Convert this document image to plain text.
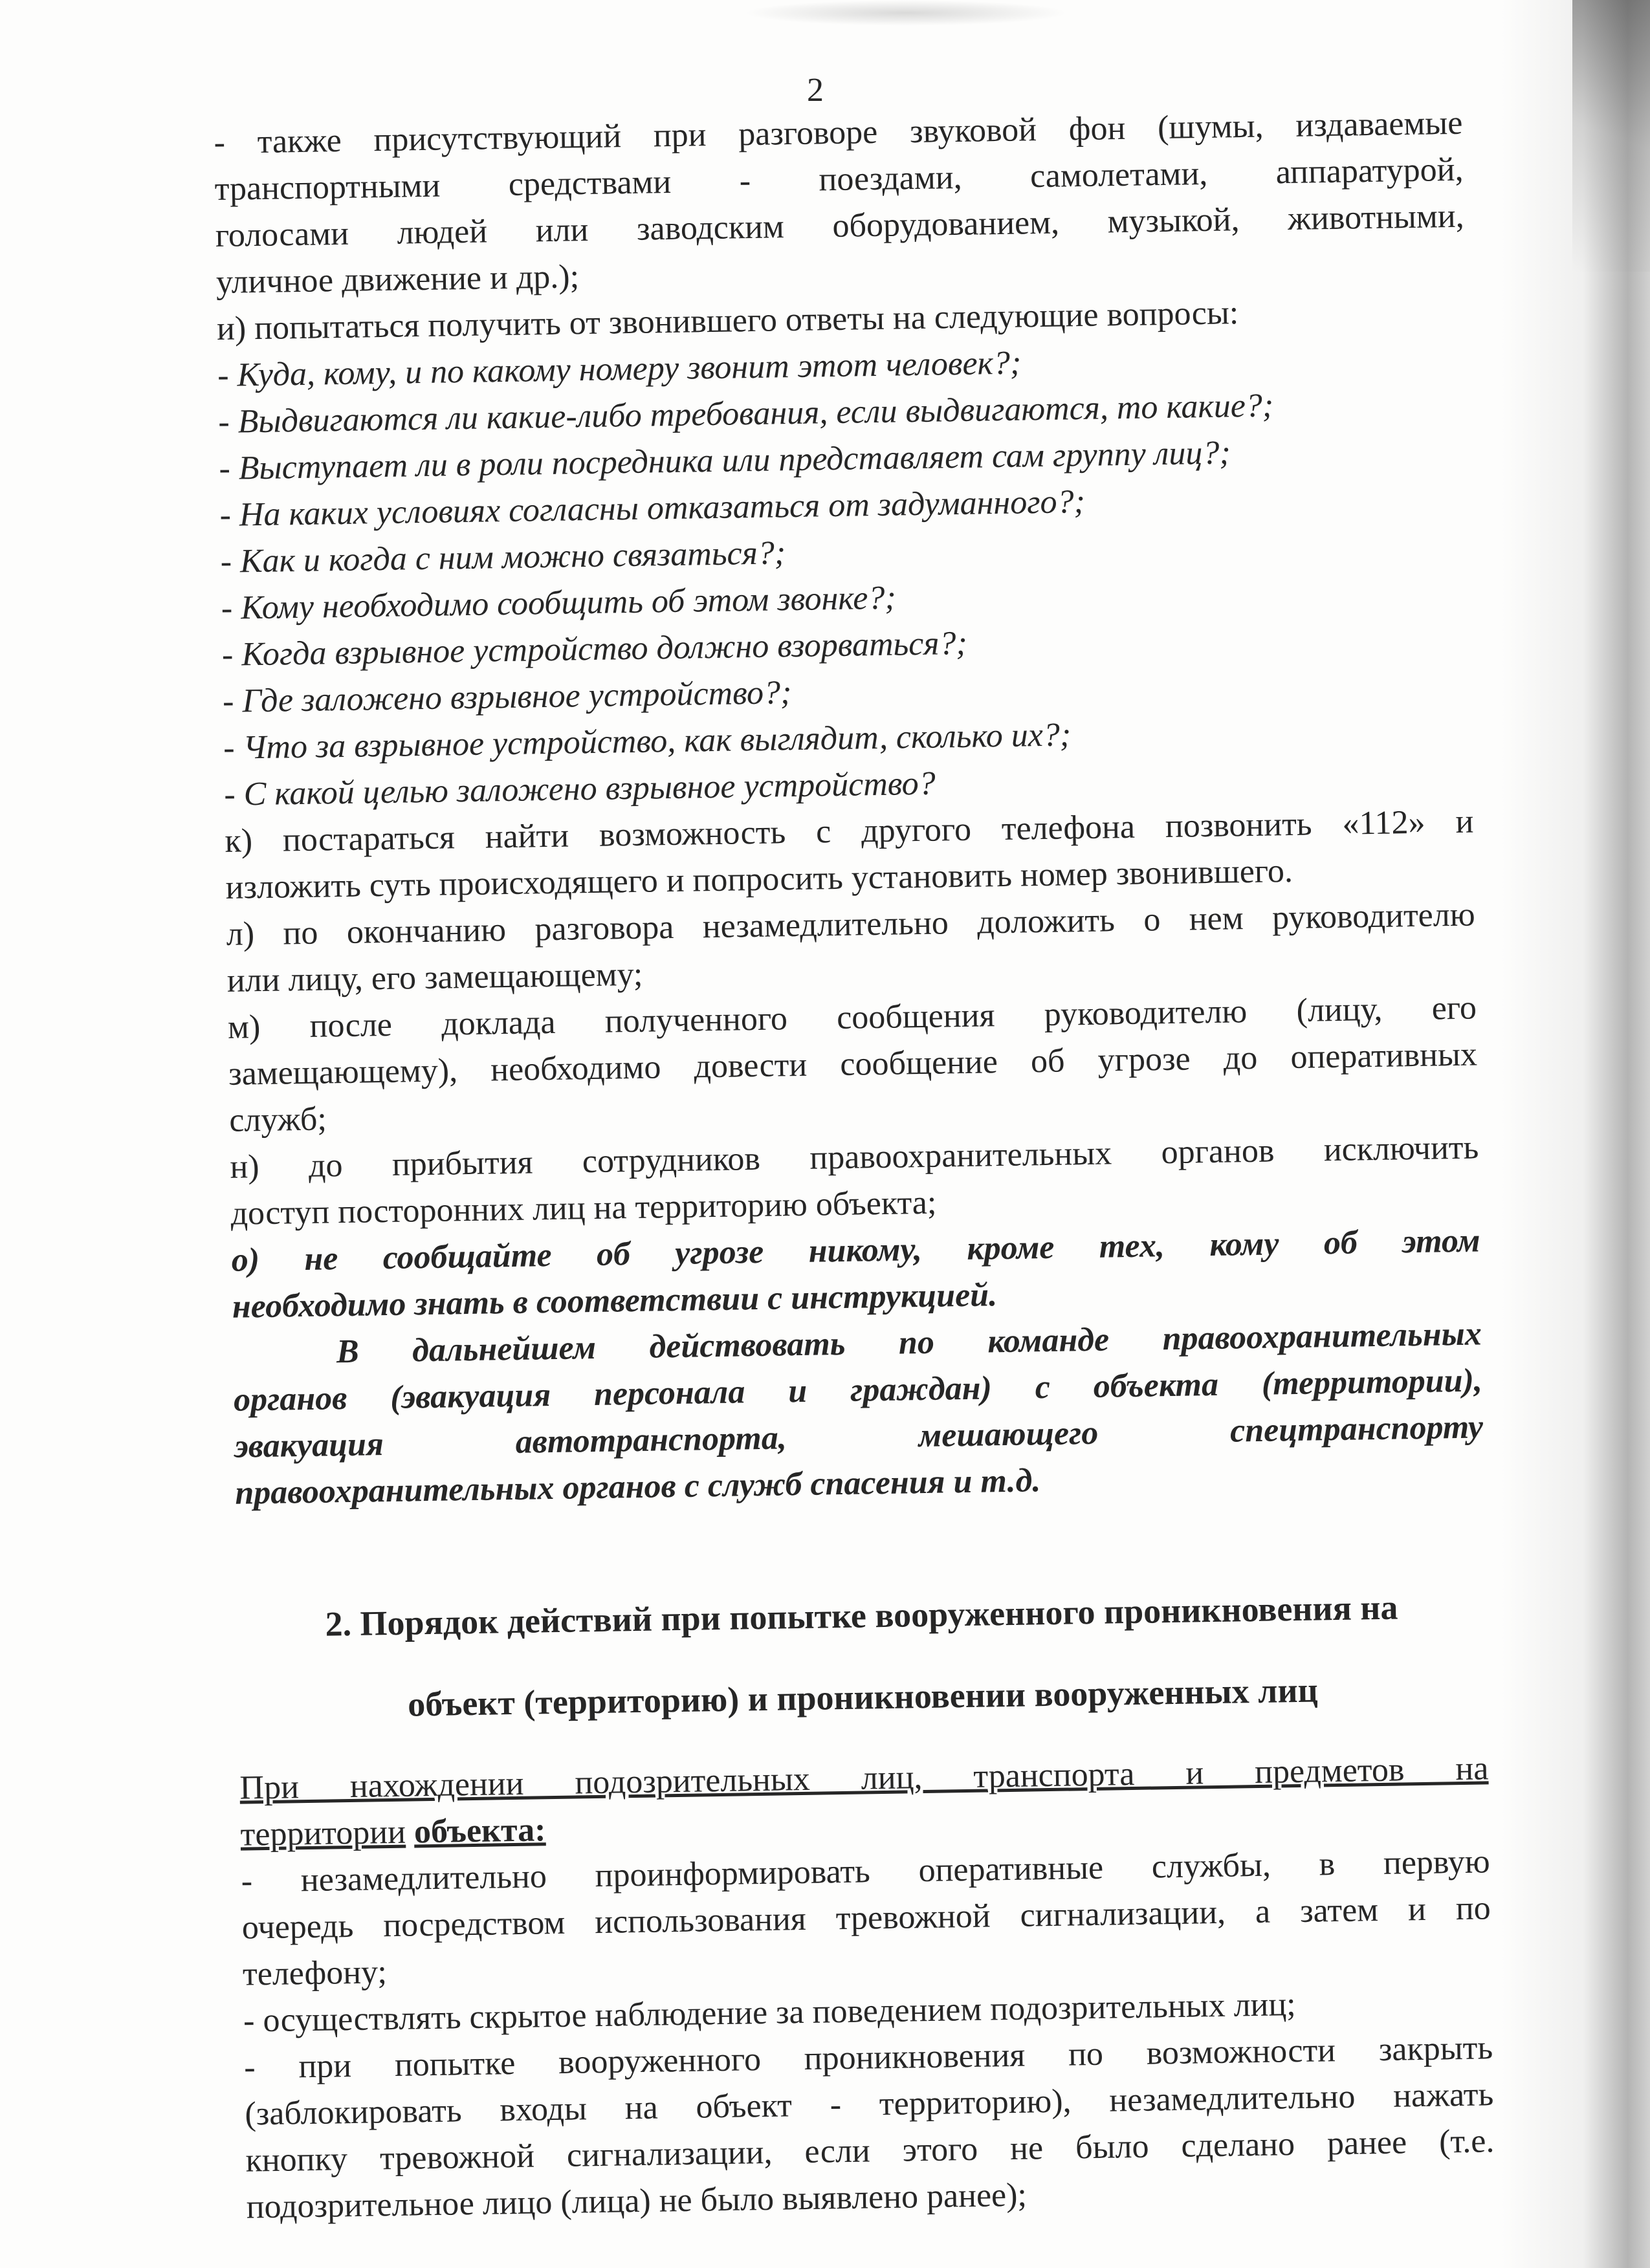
2

- также присутствующий при разговоре звуковой фон (шумы, издаваемые

транспортными средствами - поездами, самолетами, аппаратурой,

голосами людей или заводским оборудованием, музыкой, животными,

уличное движение и др.);

и) попытаться получить от звонившего ответы на следующие вопросы:

- Куда, кому, и по какому номеру звонит этот человек?;

- Выдвигаются ли какие-либо требования, если выдвигаются, то какие?;

- Выступает ли в роли посредника или представляет сам группу лиц?;

- На каких условиях согласны отказаться от задуманного?;

- Как и когда с ним можно связаться?;

- Кому необходимо сообщить об этом звонке?;

- Когда взрывное устройство должно взорваться?;

- Где заложено взрывное устройство?;

- Что за взрывное устройство, как выглядит, сколько их?;

- С какой целью заложено взрывное устройство?

к) постараться найти возможность с другого телефона позвонить «112» и

изложить суть происходящего и попросить установить номер звонившего.

л) по окончанию разговора незамедлительно доложить о нем руководителю

или лицу, его замещающему;

м) после доклада полученного сообщения руководителю (лицу, его

замещающему), необходимо довести сообщение об угрозе до оперативных

служб;

н) до прибытия сотрудников правоохранительных органов исключить

доступ посторонних лиц на территорию объекта;

о) не сообщайте об угрозе никому, кроме тех, кому об этом

необходимо знать в соответствии с инструкцией.

В дальнейшем действовать по команде правоохранительных

органов (эвакуация персонала и граждан) с объекта (территории),

эвакуация автотранспорта, мешающего спецтранспорту

правоохранительных органов с служб спасения и т.д.

2. Порядок действий при попытке вооруженного проникновения на

объект (территорию) и проникновении вооруженных лиц

При нахождении подозрительных лиц, транспорта и предметов на

территории объекта:

- незамедлительно проинформировать оперативные службы, в первую

очередь посредством использования тревожной сигнализации, а затем и по

телефону;

- осуществлять скрытое наблюдение за поведением подозрительных лиц;

- при попытке вооруженного проникновения по возможности закрыть

(заблокировать входы на объект - территорию), незамедлительно нажать

кнопку тревожной сигнализации, если этого не было сделано ранее (т.е.

подозрительное лицо (лица) не было выявлено ранее);
